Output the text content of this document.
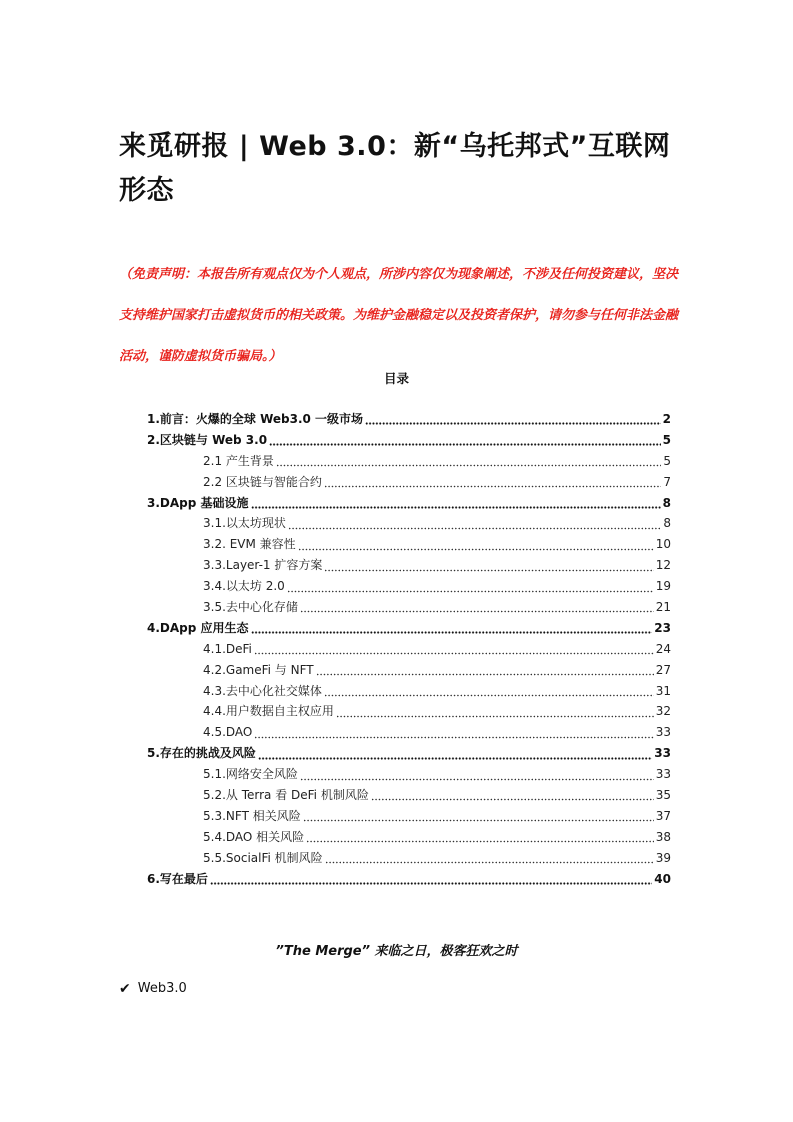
来觅研报 | Web 3.0：新“乌托邦式”互联网形态

（免责声明：本报告所有观点仅为个人观点，所涉内容仅为现象阐述，不涉及任何投资建议，坚决支持维护国家打击虚拟货币的相关政策。为维护金融稳定以及投资者保护，请勿参与任何非法金融活动，谨防虚拟货币骗局。）

目录
1.前言：火爆的全球 Web3.0 一级市场	2
2.区块链与 Web 3.0	5
2.1 产生背景	5
2.2 区块链与智能合约	7
3.DApp 基础设施	8
3.1.以太坊现状	8
3.2. EVM 兼容性	10
3.3.Layer-1 扩容方案	12
3.4.以太坊 2.0	19
3.5.去中心化存储	21
4.DApp 应用生态	23
4.1.DeFi	24
4.2.GameFi 与 NFT	27
4.3.去中心化社交媒体	31
4.4.用户数据自主权应用	32
4.5.DAO	33
5.存在的挑战及风险	33
5.1.网络安全风险	33
5.2.从 Terra 看 DeFi 机制风险	35
5.3.NFT 相关风险	37
5.4.DAO 相关风险	38
5.5.SocialFi 机制风险	39
6.写在最后	40

”The Merge” 来临之日，极客狂欢之时

✔ Web3.0
